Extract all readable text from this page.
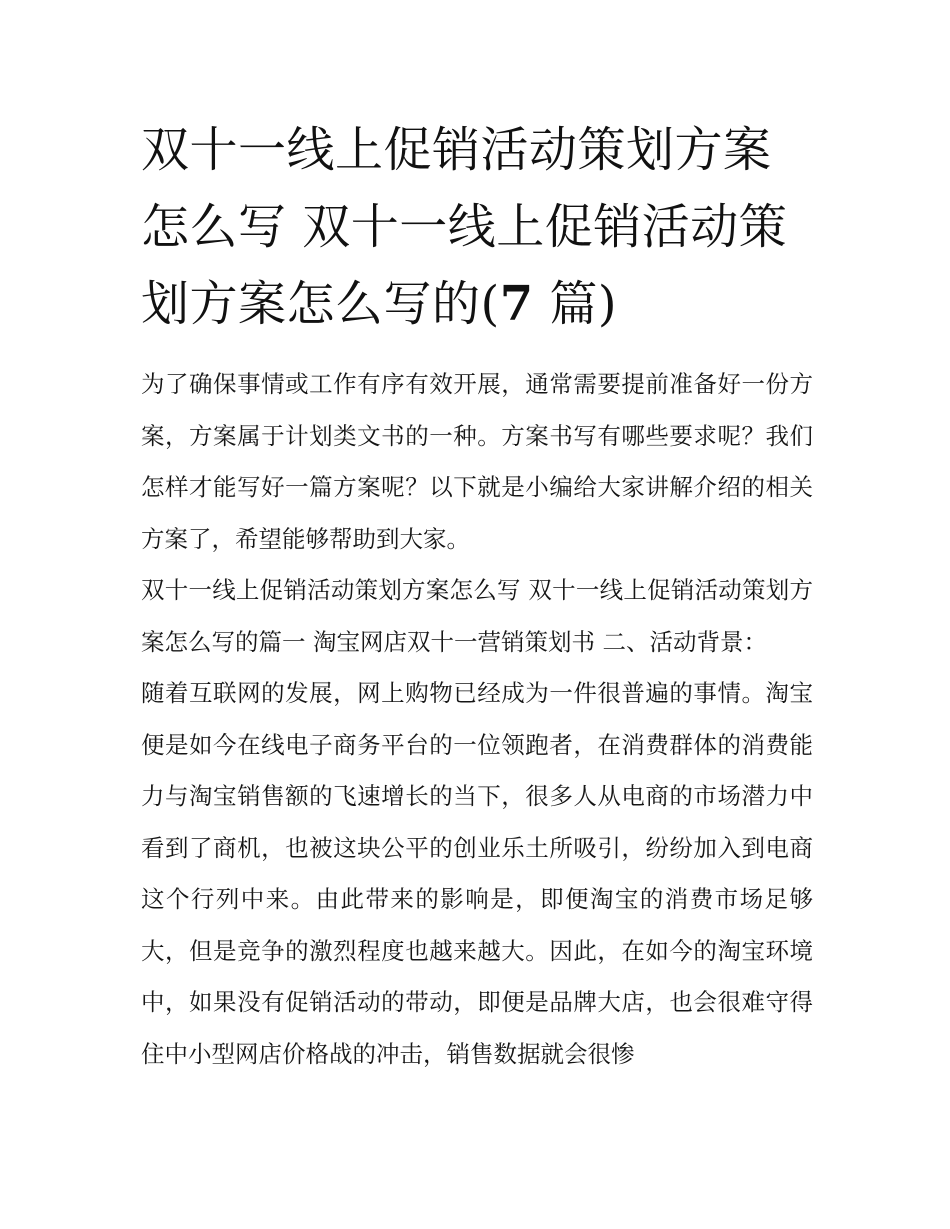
双十一线上促销活动策划方案
怎么写 双十一线上促销活动策
划方案怎么写的(7 篇)

为了确保事情或工作有序有效开展，通常需要提前准备好一份方案，方案属于计划类文书的一种。方案书写有哪些要求呢？我们怎样才能写好一篇方案呢？以下就是小编给大家讲解介绍的相关方案了，希望能够帮助到大家。

双十一线上促销活动策划方案怎么写 双十一线上促销活动策划方案怎么写的篇一 淘宝网店双十一营销策划书 二、活动背景：

随着互联网的发展，网上购物已经成为一件很普遍的事情。淘宝便是如今在线电子商务平台的一位领跑者，在消费群体的消费能力与淘宝销售额的飞速增长的当下，很多人从电商的市场潜力中看到了商机，也被这块公平的创业乐土所吸引，纷纷加入到电商这个行列中来。由此带来的影响是，即便淘宝的消费市场足够大，但是竞争的激烈程度也越来越大。因此，在如今的淘宝环境中，如果没有促销活动的带动，即便是品牌大店，也会很难守得住中小型网店价格战的冲击，销售数据就会很惨
